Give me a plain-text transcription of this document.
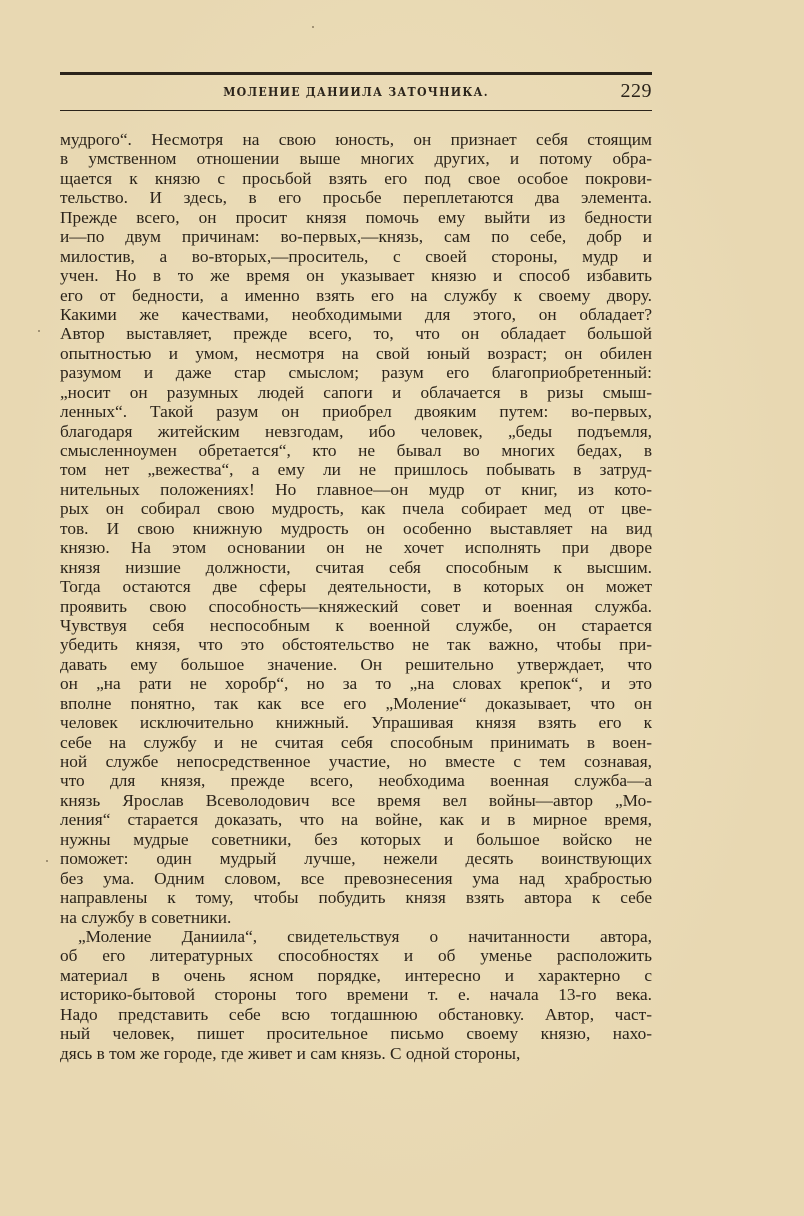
МОЛЕНИЕ ДАНИИЛА ЗАТОЧНИКА.	229
мудрого“. Несмотря на свою юность, он признает себя стоящим
в умственном отношении выше многих других, и потому обра-
щается к князю с просьбой взять его под свое особое покрови-
тельство. И здесь, в его просьбе переплетаются два элемента.
Прежде всего, он просит князя помочь ему выйти из бедности
и—по двум причинам: во-первых,—князь, сам по себе, добр и
милостив, а во-вторых,—проситель, с своей стороны, мудр и
учен. Но в то же время он указывает князю и способ избавить
его от бедности, а именно взять его на службу к своему двору.
Какими же качествами, необходимыми для этого, он обладает?
Автор выставляет, прежде всего, то, что он обладает большой
опытностью и умом, несмотря на свой юный возраст; он обилен
разумом и даже стар смыслом; разум его благоприобретенный:
„носит он разумных людей сапоги и облачается в ризы смыш-
ленных“. Такой разум он приобрел двояким путем: во-первых,
благодаря житейским невзгодам, ибо человек, „беды подъемля,
смысленноумен обретается“, кто не бывал во многих бедах, в
том нет „вежества“, а ему ли не пришлось побывать в затруд-
нительных положениях! Но главное—он мудр от книг, из кото-
рых он собирал свою мудрость, как пчела собирает мед от цве-
тов. И свою книжную мудрость он особенно выставляет на вид
князю. На этом основании он не хочет исполнять при дворе
князя низшие должности, считая себя способным к высшим.
Тогда остаются две сферы деятельности, в которых он может
проявить свою способность—княжеский совет и военная служба.
Чувствуя себя неспособным к военной службе, он старается
убедить князя, что это обстоятельство не так важно, чтобы при-
давать ему большое значение. Он решительно утверждает, что
он „на рати не хоробр“, но за то „на словах крепок“, и это
вполне понятно, так как все его „Моление“ доказывает, что он
человек исключительно книжный. Упрашивая князя взять его к
себе на службу и не считая себя способным принимать в воен-
ной службе непосредственное участие, но вместе с тем сознавая,
что для князя, прежде всего, необходима военная служба—а
князь Ярослав Всеволодович все время вел войны—автор „Мо-
ления“ старается доказать, что на войне, как и в мирное время,
нужны мудрые советники, без которых и большое войско не
поможет: один мудрый лучше, нежели десять воинствующих
без ума. Одним словом, все превознесения ума над храбростью
направлены к тому, чтобы побудить князя взять автора к себе
на службу в советники.
„Моление Даниила“, свидетельствуя о начитанности автора,
об его литературных способностях и об уменье расположить
материал в очень ясном порядке, интересно и характерно с
историко-бытовой стороны того времени т. е. начала 13-го века.
Надо представить себе всю тогдашнюю обстановку. Автор, част-
ный человек, пишет просительное письмо своему князю, нахо-
дясь в том же городе, где живет и сам князь. С одной стороны,
